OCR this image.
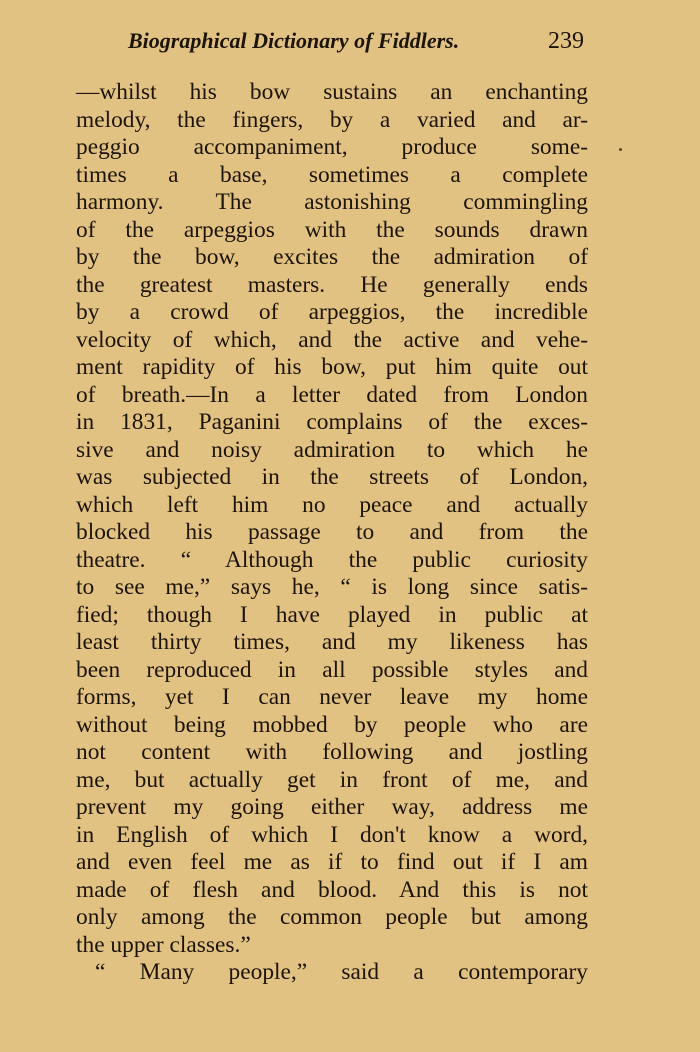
Biographical Dictionary of Fiddlers.	239
—whilst his bow sustains an enchanting
melody, the fingers, by a varied and ar-
peggio accompaniment, produce some-
times a base, sometimes a complete
harmony. The astonishing commingling
of the arpeggios with the sounds drawn
by the bow, excites the admiration of
the greatest masters. He generally ends
by a crowd of arpeggios, the incredible
velocity of which, and the active and vehe-
ment rapidity of his bow, put him quite out
of breath.—In a letter dated from London
in 1831, Paganini complains of the exces-
sive and noisy admiration to which he
was subjected in the streets of London,
which left him no peace and actually
blocked his passage to and from the
theatre. “ Although the public curiosity
to see me,” says he, “ is long since satis-
fied; though I have played in public at
least thirty times, and my likeness has
been reproduced in all possible styles and
forms, yet I can never leave my home
without being mobbed by people who are
not content with following and jostling
me, but actually get in front of me, and
prevent my going either way, address me
in English of which I don't know a word,
and even feel me as if to find out if I am
made of flesh and blood. And this is not
only among the common people but among
the upper classes.”
“ Many people,” said a contemporary
